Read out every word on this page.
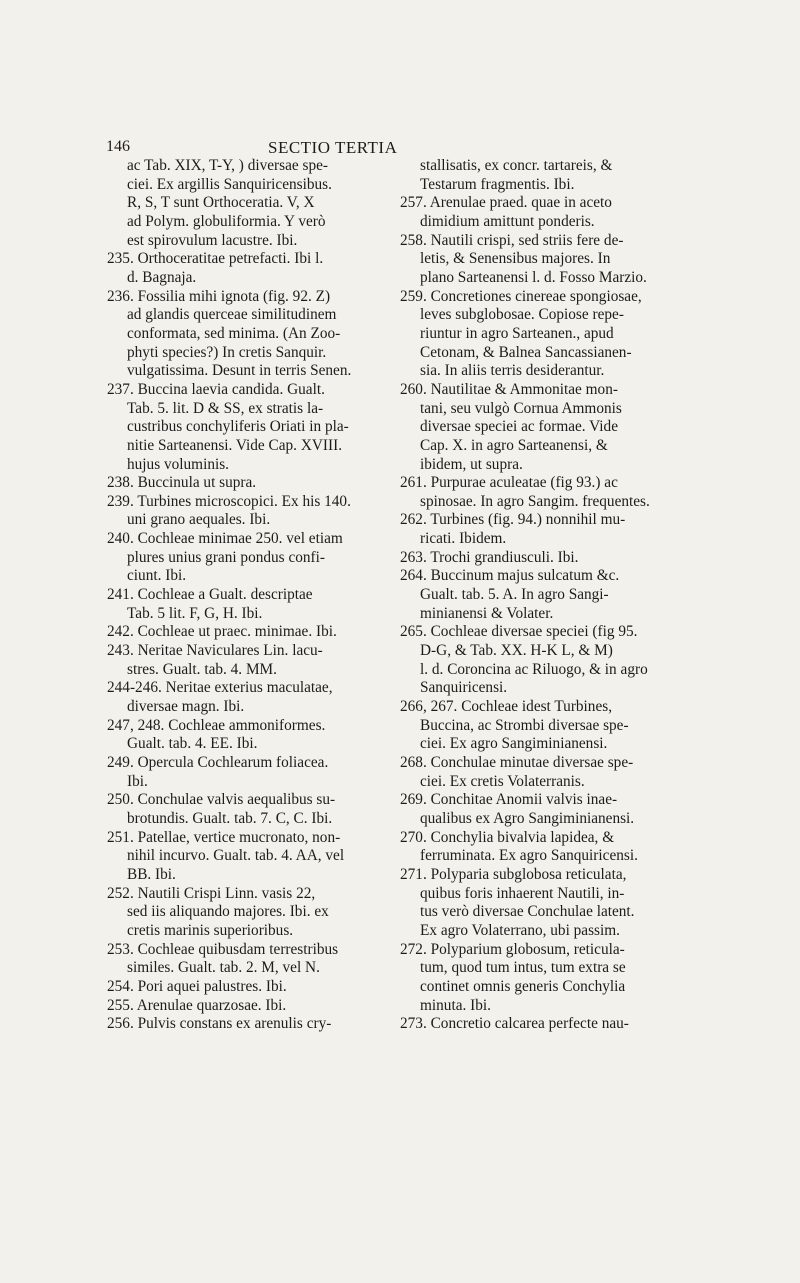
146	SECTIO TERTIA
ac Tab. XIX, T-Y, ) diversae spe-
ciei. Ex argillis Sanquiricensibus.
R, S, T sunt Orthoceratia. V, X
ad Polym. globuliformia. Y verò
est spirovulum lacustre. Ibi.
235. Orthoceratitae petrefacti. Ibi l.
d. Bagnaja.
236. Fossilia mihi ignota (fig. 92. Z)
ad glandis querceae similitudinem
conformata, sed minima. (An Zoo-
phyti species?) In cretis Sanquir.
vulgatissima. Desunt in terris Senen.
237. Buccina laevia candida. Gualt.
Tab. 5. lit. D & SS, ex stratis la-
custribus conchyliferis Oriati in pla-
nitie Sarteanensi. Vide Cap. XVIII.
hujus voluminis.
238. Buccinula ut supra.
239. Turbines microscopici. Ex his 140.
uni grano aequales. Ibi.
240. Cochleae minimae 250. vel etiam
plures unius grani pondus confi-
ciunt. Ibi.
241. Cochleae a Gualt. descriptae
Tab. 5 lit. F, G, H. Ibi.
242. Cochleae ut praec. minimae. Ibi.
243. Neritae Naviculares Lin. lacu-
stres. Gualt. tab. 4. MM.
244-246. Neritae exterius maculatae,
diversae magn. Ibi.
247, 248. Cochleae ammoniformes.
Gualt. tab. 4. EE. Ibi.
249. Opercula Cochlearum foliacea.
Ibi.
250. Conchulae valvis aequalibus su-
brotundis. Gualt. tab. 7. C, C. Ibi.
251. Patellae, vertice mucronato, non-
nihil incurvo. Gualt. tab. 4. AA, vel
BB. Ibi.
252. Nautili Crispi Linn. vasis 22,
sed iis aliquando majores. Ibi. ex
cretis marinis superioribus.
253. Cochleae quibusdam terrestribus
similes. Gualt. tab. 2. M, vel N.
254. Pori aquei palustres. Ibi.
255. Arenulae quarzosae. Ibi.
256. Pulvis constans ex arenulis cry-
stallisatis, ex concr. tartareis, &
Testarum fragmentis. Ibi.
257. Arenulae praed. quae in aceto
dimidium amittunt ponderis.
258. Nautili crispi, sed striis fere de-
letis, & Senensibus majores. In
plano Sarteanensi l. d. Fosso Marzio.
259. Concretiones cinereae spongiosae,
leves subglobosae. Copiose repe-
riuntur in agro Sarteanen., apud
Cetonam, & Balnea Sancassianen-
sia. In aliis terris desiderantur.
260. Nautilitae & Ammonitae mon-
tani, seu vulgò Cornua Ammonis
diversae speciei ac formae. Vide
Cap. X. in agro Sarteanensi, &
ibidem, ut supra.
261. Purpurae aculeatae (fig 93.) ac
spinosae. In agro Sangim. frequentes.
262. Turbines (fig. 94.) nonnihil mu-
ricati. Ibidem.
263. Trochi grandiusculi. Ibi.
264. Buccinum majus sulcatum &c.
Gualt. tab. 5. A. In agro Sangi-
minianensi & Volater.
265. Cochleae diversae speciei (fig 95.
D-G, & Tab. XX. H-K L, & M)
l. d. Coroncina ac Riluogo, & in agro
Sanquiricensi.
266, 267. Cochleae idest Turbines,
Buccina, ac Strombi diversae spe-
ciei. Ex agro Sangiminianensi.
268. Conchulae minutae diversae spe-
ciei. Ex cretis Volaterranis.
269. Conchitae Anomii valvis inae-
qualibus ex Agro Sangiminianensi.
270. Conchylia bivalvia lapidea, &
ferruminata. Ex agro Sanquiricensi.
271. Polyparia subglobosa reticulata,
quibus foris inhaerent Nautili, in-
tus verò diversae Conchulae latent.
Ex agro Volaterrano, ubi passim.
272. Polyparium globosum, reticula-
tum, quod tum intus, tum extra se
continet omnis generis Conchylia
minuta. Ibi.
273. Concretio calcarea perfecte nau-
